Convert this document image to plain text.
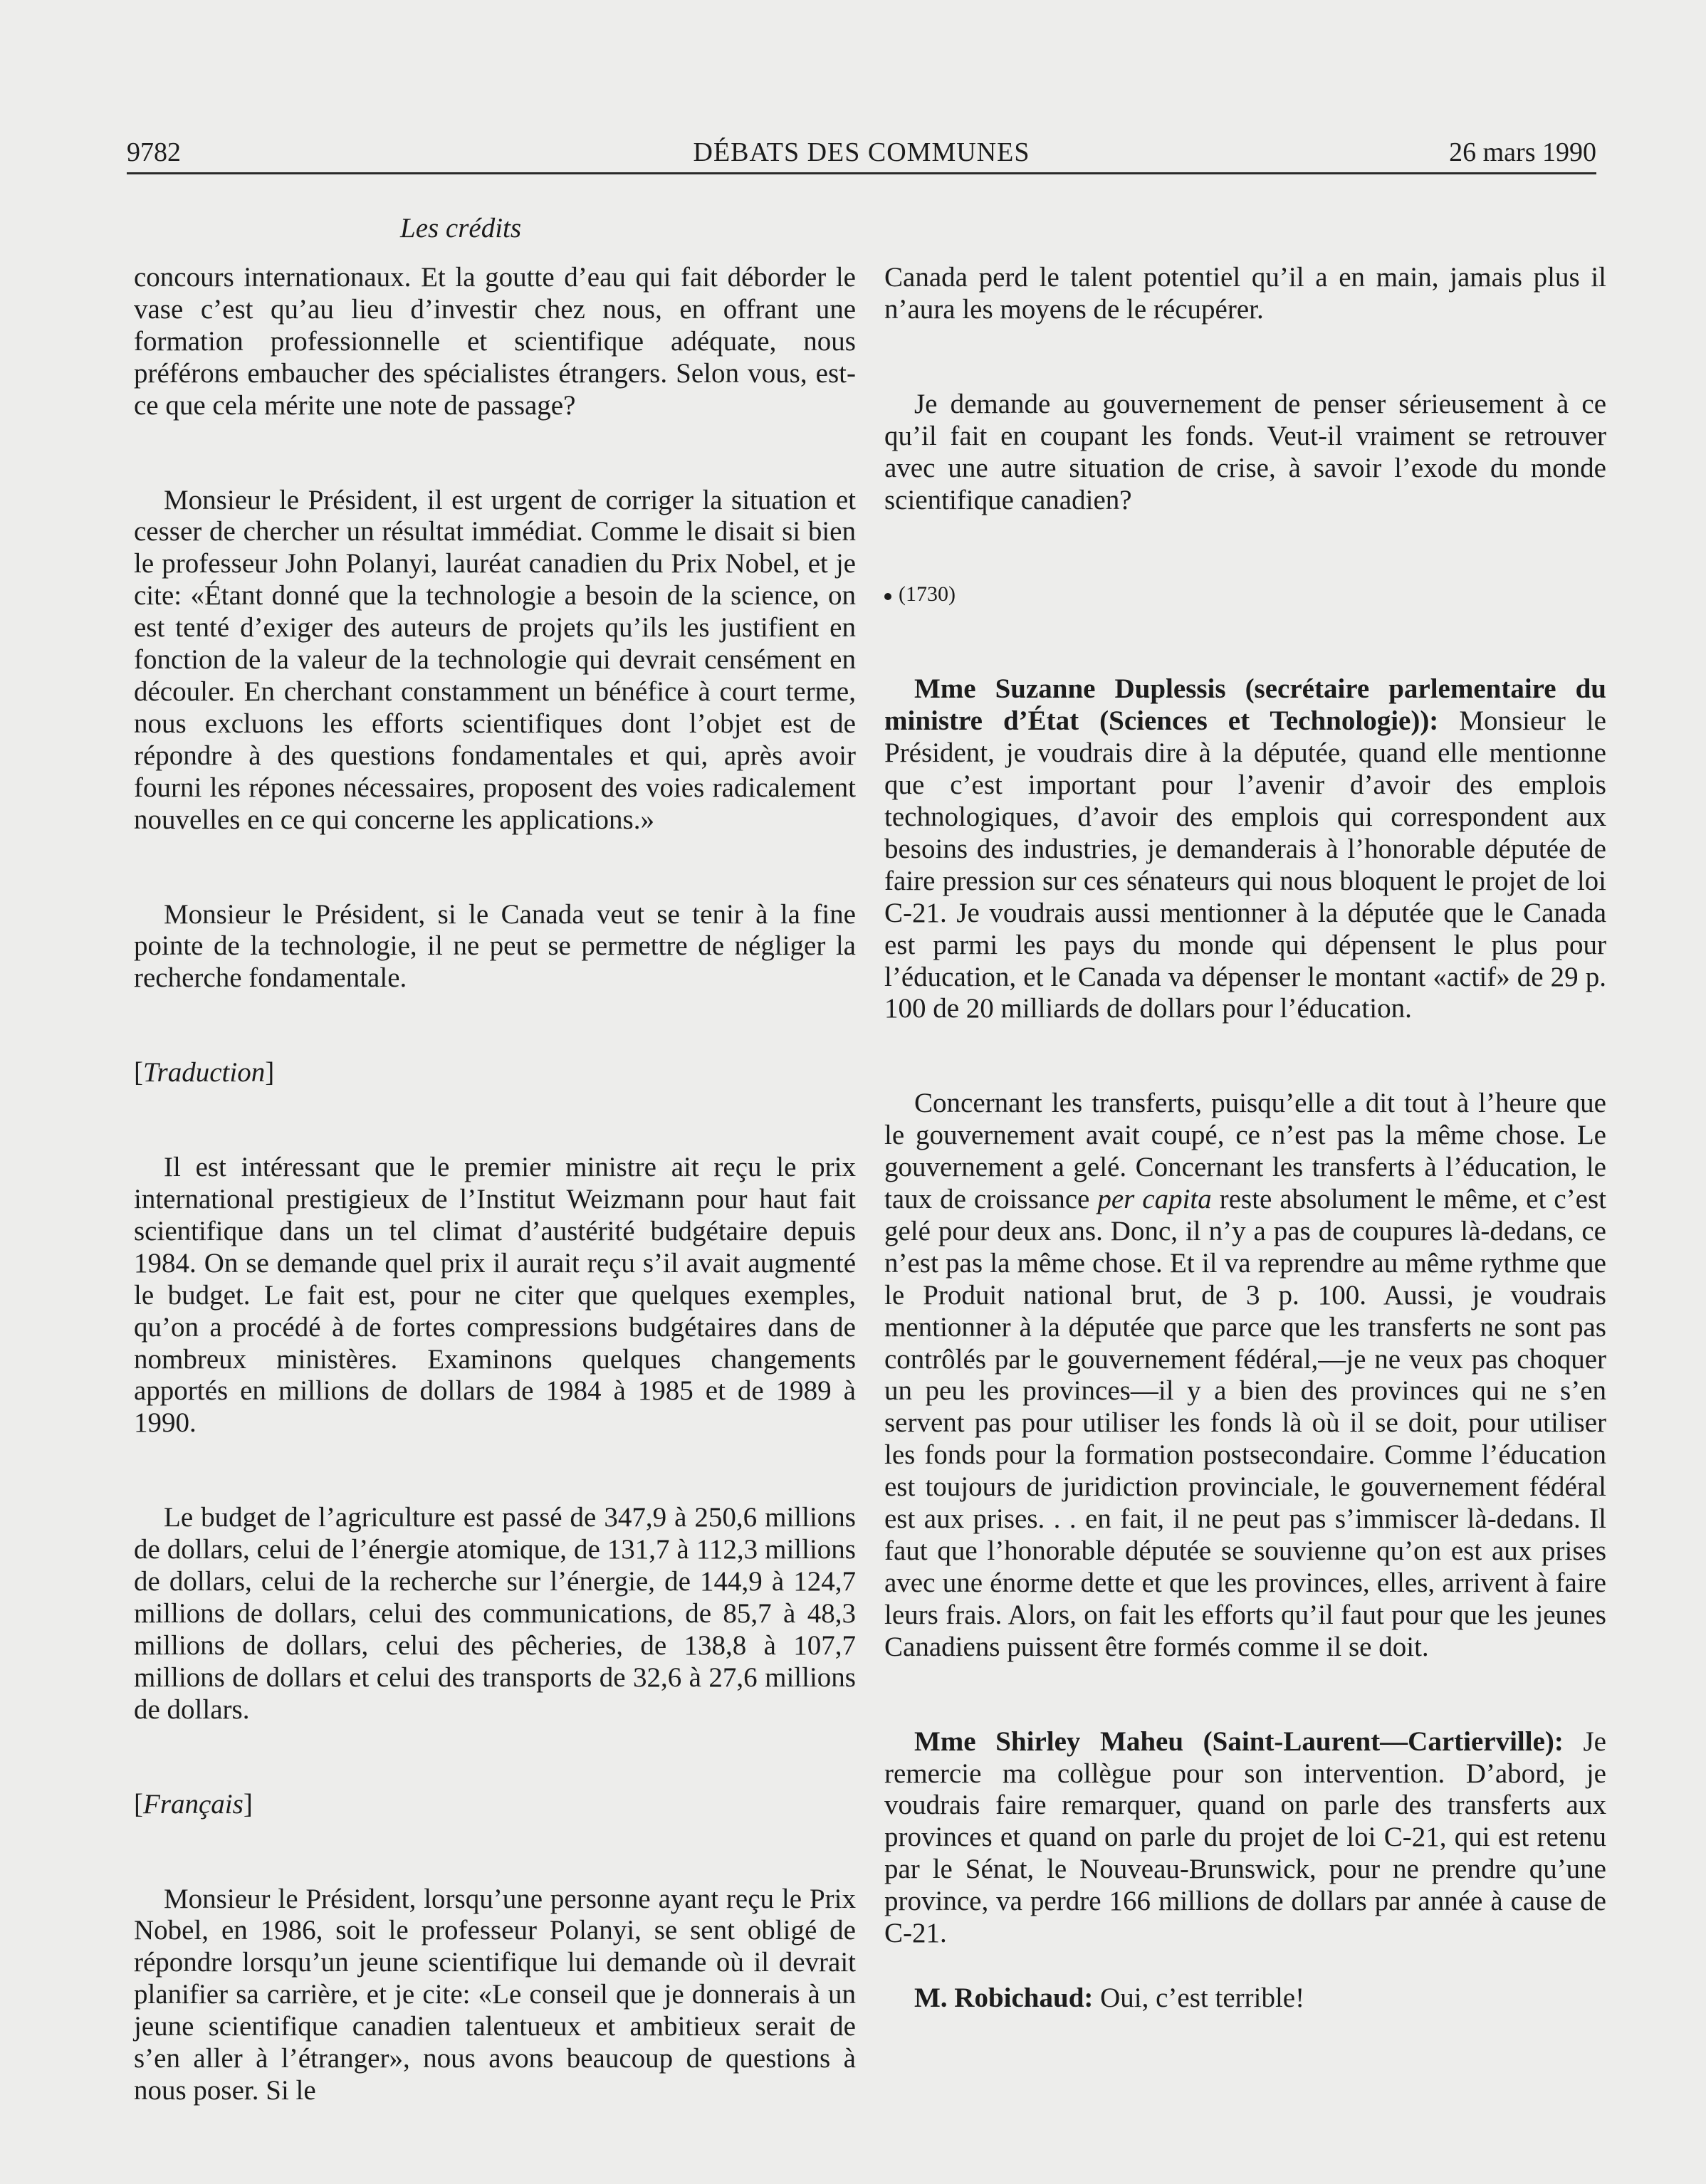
9782	DÉBATS DES COMMUNES	26 mars 1990
Les crédits

concours internationaux. Et la goutte d’eau qui fait déborder le vase c’est qu’au lieu d’investir chez nous, en offrant une formation professionnelle et scientifique adéquate, nous préférons embaucher des spécialistes étrangers. Selon vous, est-ce que cela mérite une note de passage?

Monsieur le Président, il est urgent de corriger la situation et cesser de chercher un résultat immédiat. Comme le disait si bien le professeur John Polanyi, lauréat canadien du Prix Nobel, et je cite: «Étant donné que la technologie a besoin de la science, on est tenté d’exiger des auteurs de projets qu’ils les justifient en fonction de la valeur de la technologie qui devrait censément en découler. En cherchant constamment un bénéfice à court terme, nous excluons les efforts scientifiques dont l’objet est de répondre à des questions fondamentales et qui, après avoir fourni les répones nécessaires, proposent des voies radicalement nouvelles en ce qui concerne les applications.»

Monsieur le Président, si le Canada veut se tenir à la fine pointe de la technologie, il ne peut se permettre de négliger la recherche fondamentale.

[Traduction]

Il est intéressant que le premier ministre ait reçu le prix international prestigieux de l’Institut Weizmann pour haut fait scientifique dans un tel climat d’austérité budgétaire depuis 1984. On se demande quel prix il aurait reçu s’il avait augmenté le budget. Le fait est, pour ne citer que quelques exemples, qu’on a procédé à de fortes compressions budgétaires dans de nombreux ministères. Examinons quelques changements apportés en millions de dollars de 1984 à 1985 et de 1989 à 1990.

Le budget de l’agriculture est passé de 347,9 à 250,6 millions de dollars, celui de l’énergie atomique, de 131,7 à 112,3 millions de dollars, celui de la recherche sur l’énergie, de 144,9 à 124,7 millions de dollars, celui des communications, de 85,7 à 48,3 millions de dollars, celui des pêcheries, de 138,8 à 107,7 millions de dollars et celui des transports de 32,6 à 27,6 millions de dollars.

[Français]

Monsieur le Président, lorsqu’une personne ayant reçu le Prix Nobel, en 1986, soit le professeur Polanyi, se sent obligé de répondre lorsqu’un jeune scientifique lui demande où il devrait planifier sa carrière, et je cite: «Le conseil que je donnerais à un jeune scientifique canadien talentueux et ambitieux serait de s’en aller à l’étranger», nous avons beaucoup de questions à nous poser. Si le

Canada perd le talent potentiel qu’il a en main, jamais plus il n’aura les moyens de le récupérer.

Je demande au gouvernement de penser sérieusement à ce qu’il fait en coupant les fonds. Veut-il vraiment se retrouver avec une autre situation de crise, à savoir l’exode du monde scientifique canadien?

(1730)

Mme Suzanne Duplessis (secrétaire parlementaire du ministre d’État (Sciences et Technologie)): Monsieur le Président, je voudrais dire à la députée, quand elle mentionne que c’est important pour l’avenir d’avoir des emplois technologiques, d’avoir des emplois qui correspondent aux besoins des industries, je demanderais à l’honorable députée de faire pression sur ces sénateurs qui nous bloquent le projet de loi C-21. Je voudrais aussi mentionner à la députée que le Canada est parmi les pays du monde qui dépensent le plus pour l’éducation, et le Canada va dépenser le montant «actif» de 29 p. 100 de 20 milliards de dollars pour l’éducation.

Concernant les transferts, puisqu’elle a dit tout à l’heure que le gouvernement avait coupé, ce n’est pas la même chose. Le gouvernement a gelé. Concernant les transferts à l’éducation, le taux de croissance per capita reste absolument le même, et c’est gelé pour deux ans. Donc, il n’y a pas de coupures là-dedans, ce n’est pas la même chose. Et il va reprendre au même rythme que le Produit national brut, de 3 p. 100. Aussi, je voudrais mentionner à la députée que parce que les transferts ne sont pas contrôlés par le gouvernement fédéral,—je ne veux pas choquer un peu les provinces—il y a bien des provinces qui ne s’en servent pas pour utiliser les fonds là où il se doit, pour utiliser les fonds pour la formation postsecondaire. Comme l’éducation est toujours de juridiction provinciale, le gouvernement fédéral est aux prises. . . en fait, il ne peut pas s’immiscer là-dedans. Il faut que l’honorable députée se souvienne qu’on est aux prises avec une énorme dette et que les provinces, elles, arrivent à faire leurs frais. Alors, on fait les efforts qu’il faut pour que les jeunes Canadiens puissent être formés comme il se doit.

Mme Shirley Maheu (Saint-Laurent—Cartierville): Je remercie ma collègue pour son intervention. D’abord, je voudrais faire remarquer, quand on parle des transferts aux provinces et quand on parle du projet de loi C-21, qui est retenu par le Sénat, le Nouveau-Brunswick, pour ne prendre qu’une province, va perdre 166 millions de dollars par année à cause de C-21.

M. Robichaud: Oui, c’est terrible!
